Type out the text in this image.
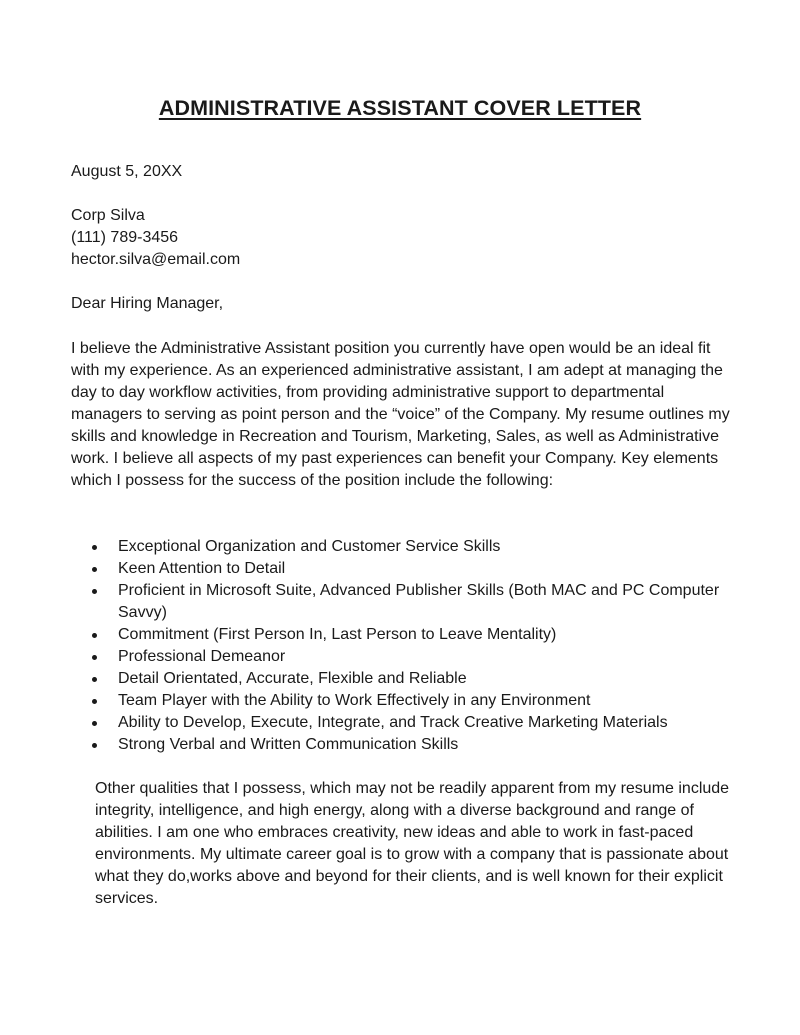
ADMINISTRATIVE ASSISTANT COVER LETTER

August 5, 20XX

Corp Silva
(111) 789-3456
hector.silva@email.com

Dear Hiring Manager,

I believe the Administrative Assistant position you currently have open would be an ideal fit with my experience. As an experienced administrative assistant, I am adept at managing the day to day workflow activities, from providing administrative support to departmental managers to serving as point person and the “voice” of the Company. My resume outlines my skills and knowledge in Recreation and Tourism, Marketing, Sales, as well as Administrative work. I believe all aspects of my past experiences can benefit your Company. Key elements which I possess for the success of the position include the following:

Exceptional Organization and Customer Service Skills
Keen Attention to Detail
Proficient in Microsoft Suite, Advanced Publisher Skills (Both MAC and PC Computer Savvy)
Commitment (First Person In, Last Person to Leave Mentality)
Professional Demeanor
Detail Orientated, Accurate, Flexible and Reliable
Team Player with the Ability to Work Effectively in any Environment
Ability to Develop, Execute, Integrate, and Track Creative Marketing Materials
Strong Verbal and Written Communication Skills

Other qualities that I possess, which may not be readily apparent from my resume include integrity, intelligence, and high energy, along with a diverse background and range of abilities. I am one who embraces creativity, new ideas and able to work in fast-paced environments. My ultimate career goal is to grow with a company that is passionate about what they do,works above and beyond for their clients, and is well known for their explicit services.
